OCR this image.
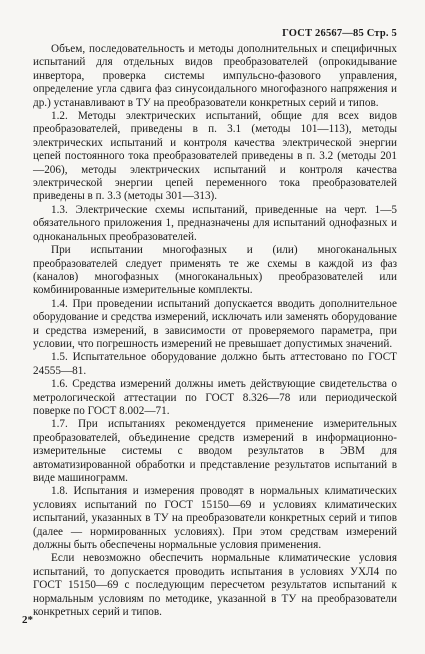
ГОСТ 26567—85 Стр. 5

Объем, последовательность и методы дополнительных и специфичных испытаний для отдельных видов преобразователей (опрокидывание инвертора, проверка системы импульсно-фазового управления, определение угла сдвига фаз синусоидального многофазного напряжения и др.) устанавливают в ТУ на преобразователи конкретных серий и типов.

1.2. Методы электрических испытаний, общие для всех видов преобразователей, приведены в п. 3.1 (методы 101—113), методы электрических испытаний и контроля качества электрической энергии цепей постоянного тока преобразователей приведены в п. 3.2 (методы 201—206), методы электрических испытаний и контроля качества электрической энергии цепей переменного тока преобразователей приведены в п. 3.3 (методы 301—313).

1.3. Электрические схемы испытаний, приведенные на черт. 1—5 обязательного приложения 1, предназначены для испытаний однофазных и одноканальных преобразователей.

При испытании многофазных и (или) многоканальных преобразователей следует применять те же схемы в каждой из фаз (каналов) многофазных (многоканальных) преобразователей или комбинированные измерительные комплекты.

1.4. При проведении испытаний допускается вводить дополнительное оборудование и средства измерений, исключать или заменять оборудование и средства измерений, в зависимости от проверяемого параметра, при условии, что погрешность измерений не превышает допустимых значений.

1.5. Испытательное оборудование должно быть аттестовано по ГОСТ 24555—81.

1.6. Средства измерений должны иметь действующие свидетельства о метрологической аттестации по ГОСТ 8.326—78 или периодической поверке по ГОСТ 8.002—71.

1.7. При испытаниях рекомендуется применение измерительных преобразователей, объединение средств измерений в информационно-измерительные системы с вводом результатов в ЭВМ для автоматизированной обработки и представление результатов испытаний в виде машинограмм.

1.8. Испытания и измерения проводят в нормальных климатических условиях испытаний по ГОСТ 15150—69 и условиях климатических испытаний, указанных в ТУ на преобразователи конкретных серий и типов (далее — нормированных условиях). При этом средствам измерений должны быть обеспечены нормальные условия применения.

Если невозможно обеспечить нормальные климатические условия испытаний, то допускается проводить испытания в условиях УХЛ4 по ГОСТ 15150—69 с последующим пересчетом результатов испытаний к нормальным условиям по методике, указанной в ТУ на преобразователи конкретных серий и типов.

2*
